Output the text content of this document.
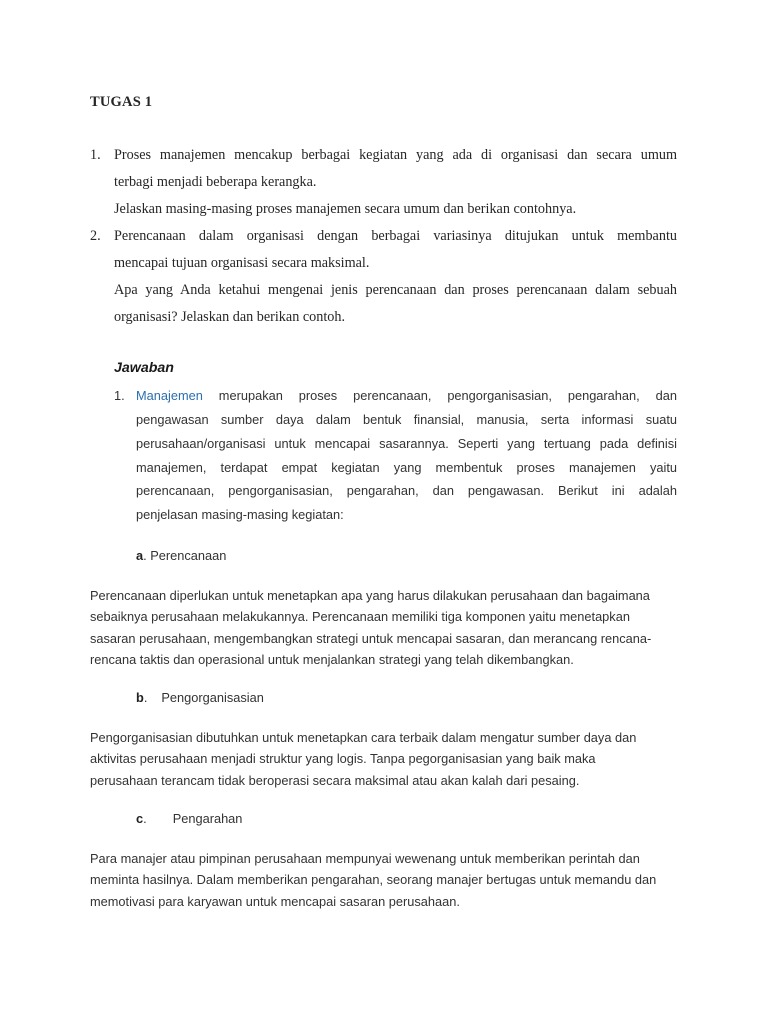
TUGAS 1
1. Proses manajemen mencakup berbagai kegiatan yang ada di organisasi dan secara umum
terbagi menjadi beberapa kerangka.
Jelaskan masing-masing proses manajemen secara umum dan berikan contohnya.
2. Perencanaan dalam organisasi dengan berbagai variasinya ditujukan untuk membantu
mencapai tujuan organisasi secara maksimal.
Apa yang Anda ketahui mengenai jenis perencanaan dan proses perencanaan dalam sebuah
organisasi? Jelaskan dan berikan contoh.
Jawaban
1. Manajemen merupakan proses perencanaan, pengorganisasian, pengarahan, dan
pengawasan sumber daya dalam bentuk finansial, manusia, serta informasi suatu
perusahaan/organisasi untuk mencapai sasarannya. Seperti yang tertuang pada definisi
manajemen, terdapat empat kegiatan yang membentuk proses manajemen yaitu
perencanaan, pengorganisasian, pengarahan, dan pengawasan. Berikut ini adalah
penjelasan masing-masing kegiatan:
a. Perencanaan
Perencanaan diperlukan untuk menetapkan apa yang harus dilakukan perusahaan dan bagaimana
sebaiknya perusahaan melakukannya. Perencanaan memiliki tiga komponen yaitu menetapkan
sasaran perusahaan, mengembangkan strategi untuk mencapai sasaran, dan merancang rencana-
rencana taktis dan operasional untuk menjalankan strategi yang telah dikembangkan.
b. Pengorganisasian
Pengorganisasian dibutuhkan untuk menetapkan cara terbaik dalam mengatur sumber daya dan
aktivitas perusahaan menjadi struktur yang logis. Tanpa pegorganisasian yang baik maka
perusahaan terancam tidak beroperasi secara maksimal atau akan kalah dari pesaing.
c. Pengarahan
Para manajer atau pimpinan perusahaan mempunyai wewenang untuk memberikan perintah dan
meminta hasilnya. Dalam memberikan pengarahan, seorang manajer bertugas untuk memandu dan
memotivasi para karyawan untuk mencapai sasaran perusahaan.
